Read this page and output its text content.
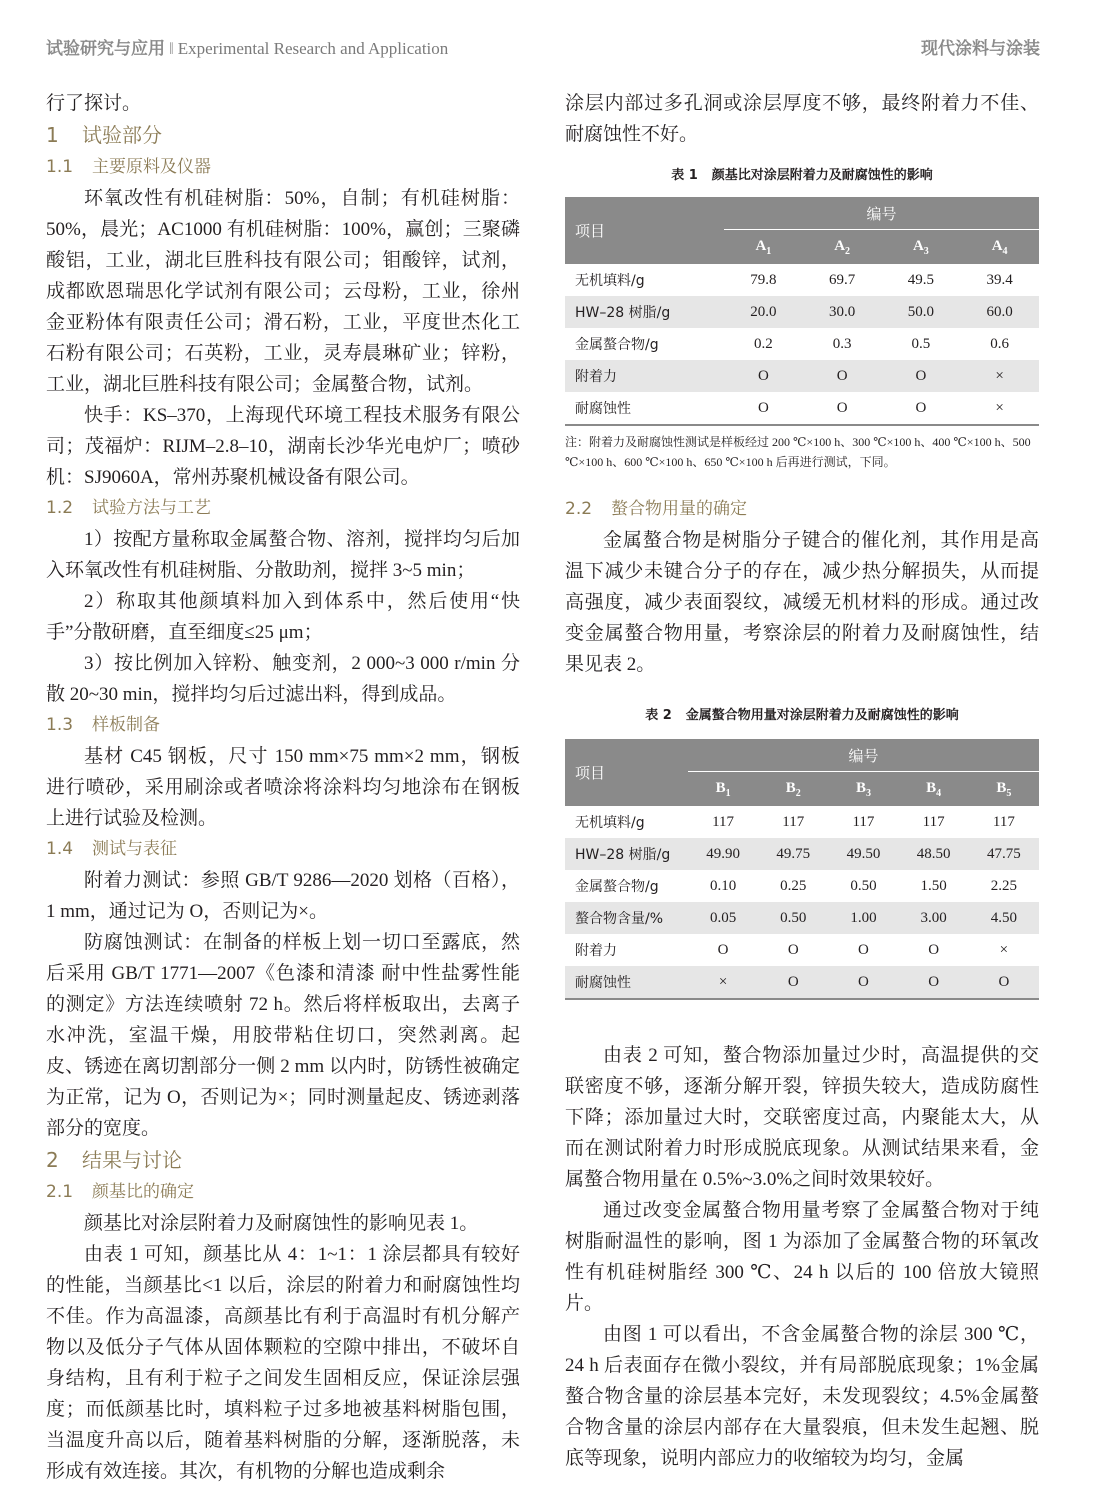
试验研究与应用 ‖ Experimental Research and Application	现代涂料与涂装

行了探讨。

1 试验部分

1.1 主要原料及仪器

环氧改性有机硅树脂：50%，自制；有机硅树脂：50%，晨光；AC1000 有机硅树脂：100%，赢创；三聚磷酸铝，工业，湖北巨胜科技有限公司；钼酸锌，试剂，成都欧恩瑞思化学试剂有限公司；云母粉，工业，徐州金亚粉体有限责任公司；滑石粉，工业，平度世杰化工石粉有限公司；石英粉，工业，灵寿晨琳矿业；锌粉，工业，湖北巨胜科技有限公司；金属螯合物，试剂。

快手：KS–370，上海现代环境工程技术服务有限公司；茂福炉：RIJM–2.8–10，湖南长沙华光电炉厂；喷砂机：SJ9060A，常州苏聚机械设备有限公司。

1.2 试验方法与工艺

1）按配方量称取金属螯合物、溶剂，搅拌均匀后加入环氧改性有机硅树脂、分散助剂，搅拌 3~5 min；

2）称取其他颜填料加入到体系中，然后使用“快手”分散研磨，直至细度≤25 μm；

3）按比例加入锌粉、触变剂，2 000~3 000 r/min 分散 20~30 min，搅拌均匀后过滤出料，得到成品。

1.3 样板制备

基材 C45 钢板，尺寸 150 mm×75 mm×2 mm，钢板进行喷砂，采用刷涂或者喷涂将涂料均匀地涂布在钢板上进行试验及检测。

1.4 测试与表征

附着力测试：参照 GB/T 9286—2020 划格（百格），1 mm，通过记为 O，否则记为×。

防腐蚀测试：在制备的样板上划一切口至露底，然后采用 GB/T 1771—2007《色漆和清漆 耐中性盐雾性能的测定》方法连续喷射 72 h。然后将样板取出，去离子水冲洗，室温干燥，用胶带粘住切口，突然剥离。起皮、锈迹在离切割部分一侧 2 mm 以内时，防锈性被确定为正常，记为 O，否则记为×；同时测量起皮、锈迹剥落部分的宽度。

2 结果与讨论

2.1 颜基比的确定

颜基比对涂层附着力及耐腐蚀性的影响见表 1。

由表 1 可知，颜基比从 4：1~1：1 涂层都具有较好的性能，当颜基比<1 以后，涂层的附着力和耐腐蚀性均不佳。作为高温漆，高颜基比有利于高温时有机分解产物以及低分子气体从固体颗粒的空隙中排出，不破坏自身结构，且有利于粒子之间发生固相反应，保证涂层强度；而低颜基比时，填料粒子过多地被基料树脂包围，当温度升高以后，随着基料树脂的分解，逐渐脱落，未形成有效连接。其次，有机物的分解也造成剩余

涂层内部过多孔洞或涂层厚度不够，最终附着力不佳、耐腐蚀性不好。

表 1 颜基比对涂层附着力及耐腐蚀性的影响

项目	编号			
	$A_1$	$A_2$	$A_3$	$A_4$
无机填料/g	79.8	69.7	49.5	39.4
HW–28 树脂/g	20.0	30.0	50.0	60.0
金属螯合物/g	0.2	0.3	0.5	0.6
附着力	O	O	O	×
耐腐蚀性	O	O	O	×

注：附着力及耐腐蚀性测试是样板经过 200 ℃×100 h、300 ℃×100 h、400 ℃×100 h、500 ℃×100 h、600 ℃×100 h、650 ℃×100 h 后再进行测试，下同。

2.2 螯合物用量的确定

金属螯合物是树脂分子键合的催化剂，其作用是高温下减少未键合分子的存在，减少热分解损失，从而提高强度，减少表面裂纹，减缓无机材料的形成。通过改变金属螯合物用量，考察涂层的附着力及耐腐蚀性，结果见表 2。

表 2 金属螯合物用量对涂层附着力及耐腐蚀性的影响

项目	编号				
	$B_1$	$B_2$	$B_3$	$B_4$	$B_5$
无机填料/g	117	117	117	117	117
HW–28 树脂/g	49.90	49.75	49.50	48.50	47.75
金属螯合物/g	0.10	0.25	0.50	1.50	2.25
螯合物含量/%	0.05	0.50	1.00	3.00	4.50
附着力	O	O	O	O	×
耐腐蚀性	×	O	O	O	O

由表 2 可知，螯合物添加量过少时，高温提供的交联密度不够，逐渐分解开裂，锌损失较大，造成防腐性下降；添加量过大时，交联密度过高，内聚能太大，从而在测试附着力时形成脱底现象。从测试结果来看，金属螯合物用量在 0.5%~3.0%之间时效果较好。

通过改变金属螯合物用量考察了金属螯合物对于纯树脂耐温性的影响，图 1 为添加了金属螯合物的环氧改性有机硅树脂经 300 ℃、24 h 以后的 100 倍放大镜照片。

由图 1 可以看出，不含金属螯合物的涂层 300 ℃，24 h 后表面存在微小裂纹，并有局部脱底现象；1%金属螯合物含量的涂层基本完好，未发现裂纹；4.5%金属螯合物含量的涂层内部存在大量裂痕，但未发生起翘、脱底等现象，说明内部应力的收缩较为均匀，金属
